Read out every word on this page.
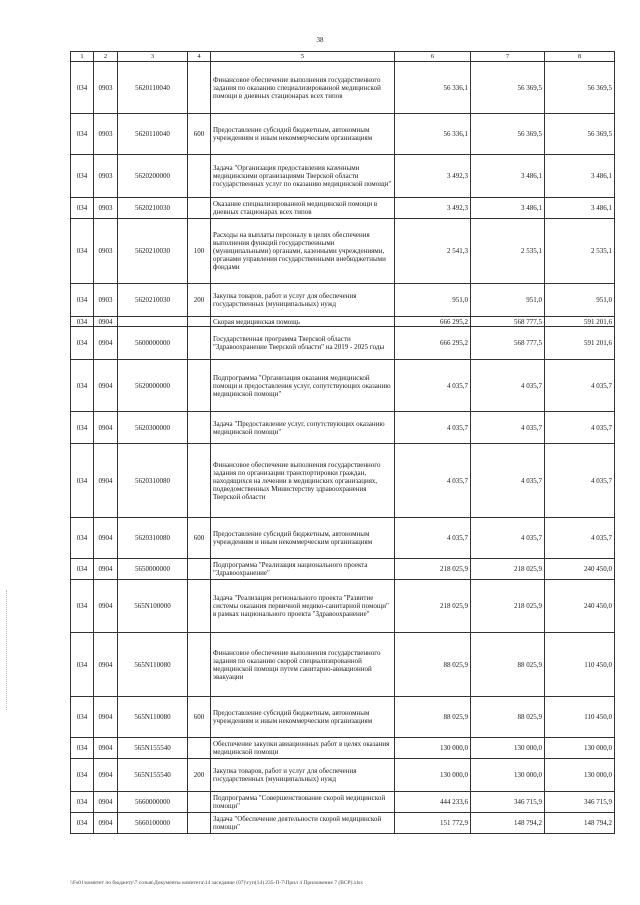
38
1	2	3	4	5	6	7	8
034	0903	5620110040		Финансовое обеспечение выполнения государственного задания по оказанию специализированной медицинской помощи в дневных стационарах всех типов	56 336,1	56 369,5	56 369,5
034	0903	5620110040	600	Предоставление субсидий бюджетным, автономным учреждениям и иным некоммерческим организациям	56 336,1	56 369,5	56 369,5
034	0903	5620200000		Задача "Организация предоставления казенными медицинскими организациями Тверской области государственных услуг по оказанию медицинской помощи"	3 492,3	3 486,1	3 486,1
034	0903	5620210030		Оказание специализированной медицинской помощи в дневных стационарах всех типов	3 492,3	3 486,1	3 486,1
034	0903	5620210030	100	Расходы на выплаты персоналу в целях обеспечения выполнения функций государственными (муниципальными) органами, казенными учреждениями, органами управления государственными внебюджетными фондами	2 541,3	2 535,1	2 535,1
034	0903	5620210030	200	Закупка товаров, работ и услуг для обеспечения государственных (муниципальных) нужд	951,0	951,0	951,0
034	0904			Скорая медицинская помощь	666 295,2	568 777,5	591 201,6
034	0904	5600000000		Государственная программа Тверской области "Здравоохранение Тверской области" на 2019 - 2025 годы	666 295,2	568 777,5	591 201,6
034	0904	5620000000		Подпрограмма "Организация оказания медицинской помощи и предоставления услуг, сопутствующих оказанию медицинской помощи"	4 035,7	4 035,7	4 035,7
034	0904	5620300000		Задача "Предоставление услуг, сопутствующих оказанию медицинской помощи"	4 035,7	4 035,7	4 035,7
034	0904	5620310080		Финансовое обеспечение выполнения государственного задания по организации транспортировки граждан, находящихся на лечении в медицинских организациях, подведомственных Министерству здравоохранения Тверской области	4 035,7	4 035,7	4 035,7
034	0904	5620310080	600	Предоставление субсидий бюджетным, автономным учреждениям и иным некоммерческим организациям	4 035,7	4 035,7	4 035,7
034	0904	5650000000		Подпрограмма "Реализация национального проекта "Здравоохранение"	218 025,9	218 025,9	240 450,0
034	0904	565N100000		Задача "Реализация регионального проекта "Развитие системы оказания первичной медико-санитарной помощи" в рамках национального проекта "Здравоохранение"	218 025,9	218 025,9	240 450,0
034	0904	565N110080		Финансовое обеспечение выполнения государственного задания по оказанию скорой специализированной медицинской помощи путем санитарно-авиационной эвакуации	88 025,9	88 025,9	110 450,0
034	0904	565N110080	600	Предоставление субсидий бюджетным, автономным учреждениям и иным некоммерческим организациям	88 025,9	88 025,9	110 450,0
034	0904	565N155540		Обеспечение закупки авиационных работ в целях оказания медицинской помощи	130 000,0	130 000,0	130 000,0
034	0904	565N155540	200	Закупка товаров, работ и услуг для обеспечения государственных (муниципальных) нужд	130 000,0	130 000,0	130 000,0
034	0904	5660000000		Подпрограмма "Совершенствование скорой медицинской помощи"	444 233,6	346 715,9	346 715,9
034	0904	5660100000		Задача "Обеспечение деятельности скорой медицинской помощи"	151 772,9	148 794,2	148 794,2
\\Fs01\комитет по бюджету\7 созыв\Документы комитета\14 заседание (07)\гуп(14) 235-П-7\Прил 4 Приложение 7 (ВСР).xlsx
